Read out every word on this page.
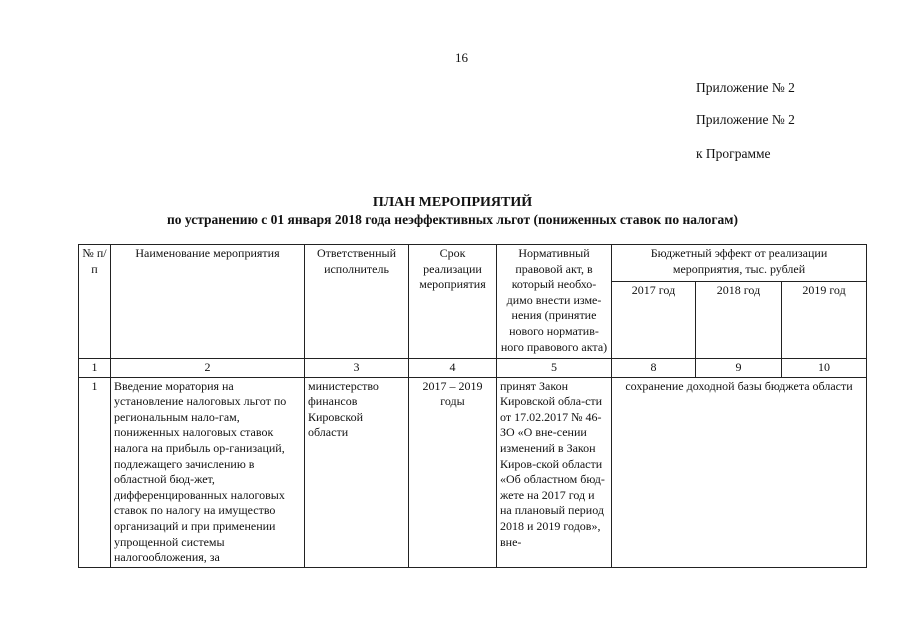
16
Приложение № 2
Приложение № 2
к Программе
ПЛАН МЕРОПРИЯТИЙ
по устранению с 01 января 2018 года неэффективных льгот (пониженных ставок по налогам)
№ п/п	Наименование мероприятия	Ответственный исполнитель	Срок реализации мероприятия	Нормативный правовой акт, в который необхо-димо внести изме-нения (принятие нового норматив-ного правового акта)	Бюджетный эффект от реализации мероприятия, тыс. рублей		
					2017 год	2018 год	2019 год
1	2	3	4	5	8	9	10
1	Введение моратория на установление налоговых льгот по региональным нало-гам, пониженных налоговых ставок налога на прибыль ор-ганизаций, подлежащего зачислению в областной бюд-жет, дифференцированных налоговых ставок по налогу на имущество организаций и при применении упрощенной системы налогообложения, за	министерство финансов Кировской области	2017 – 2019 годы	принят Закон Кировской обла-сти от 17.02.2017 № 46-ЗО «О вне-сении изменений в Закон Киров-ской области «Об областном бюд-жете на 2017 год и на плановый период 2018 и 2019 годов», вне-	сохранение доходной базы бюджета области		
